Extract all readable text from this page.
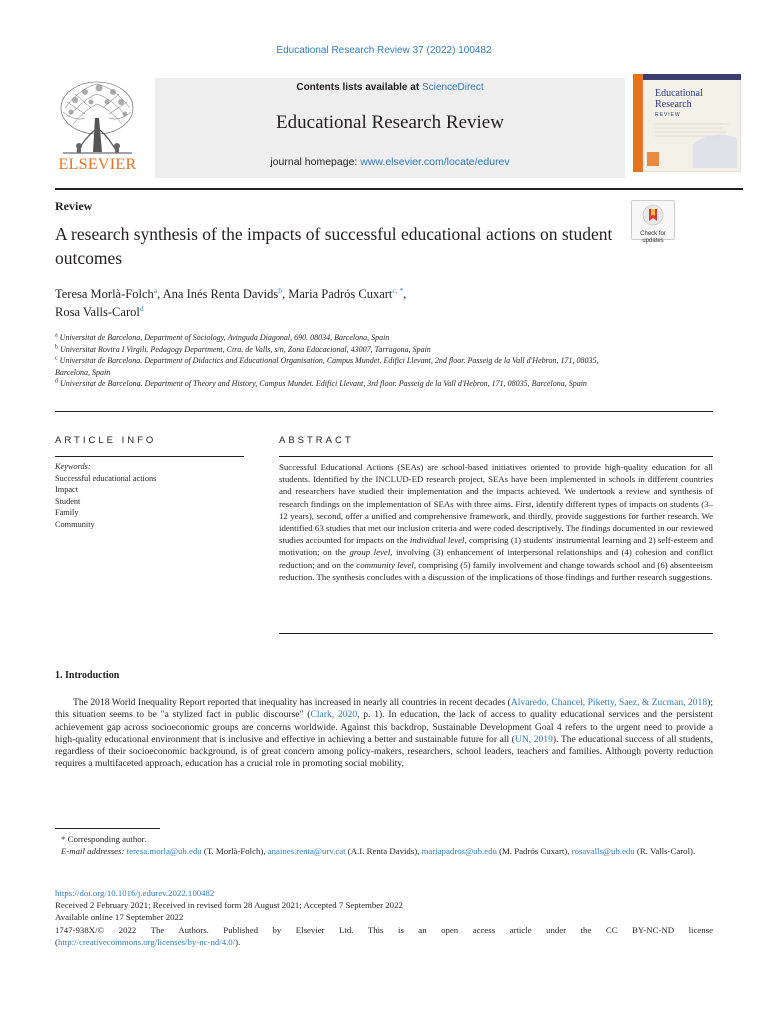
Educational Research Review 37 (2022) 100482
ELSEVIER
Contents lists available at ScienceDirect
Educational Research Review
journal homepage: www.elsevier.com/locate/edurev
Educational
Research
REVIEW
Review
A research synthesis of the impacts of successful educational actions on student outcomes
Check for
updates
Teresa Morlà-Folch$^a$, Ana Inés Renta Davids$^b$, Maria Padrós Cuxart$^{c, *}$,
Rosa Valls-Carol$^d$
$^a$ Universitat de Barcelona, Department of Sociology, Avinguda Diagonal, 690. 08034, Barcelona, Spain
$^b$ Universitat Rovira I Virgili. Pedagogy Department, Ctra. de Valls, s/n, Zona Educacional, 43007, Tarragona, Spain
$^c$ Universitat de Barcelona. Department of Didactics and Educational Organisation, Campus Mundet. Edifici Llevant, 2nd floor. Passeig de la Vall d'Hebron, 171, 08035, Barcelona, Spain
$^d$ Universitat de Barcelona. Department of Theory and History, Campus Mundet. Edifici Llevant, 3rd floor. Passeig de la Vall d'Hebron, 171, 08035, Barcelona, Spain
ARTICLE INFO	ABSTRACT
Keywords:
Successful educational actions
Impact
Student
Family
Community
Successful Educational Actions (SEAs) are school-based initiatives oriented to provide high-quality education for all students. Identified by the INCLUD-ED research project, SEAs have been implemented in schools in different countries and researchers have studied their implementation and the impacts achieved. We undertook a review and synthesis of research findings on the implementation of SEAs with three aims. First, identify different types of impacts on students (3–12 years), second, offer a unified and comprehensive framework, and thirdly, provide suggestions for further research. We identified 63 studies that met our inclusion criteria and were coded descriptively. The findings documented in our reviewed studies accounted for impacts on the individual level, comprising (1) students' instrumental learning and 2) self-esteem and motivation; on the group level, involving (3) enhancement of interpersonal relationships and (4) cohesion and conflict reduction; and on the community level, comprising (5) family involvement and change towards school and (6) absenteeism reduction. The synthesis concludes with a discussion of the implications of those findings and further research suggestions.
1. Introduction
The 2018 World Inequality Report reported that inequality has increased in nearly all countries in recent decades (Alvaredo, Chancel, Piketty, Saez, & Zucman, 2018); this situation seems to be "a stylized fact in public discourse" (Clark, 2020, p. 1). In education, the lack of access to quality educational services and the persistent achievement gap across socioeconomic groups are concerns worldwide. Against this backdrop, Sustainable Development Goal 4 refers to the urgent need to provide a high-quality educational environment that is inclusive and effective in achieving a better and sustainable future for all (UN, 2019). The educational success of all students, regardless of their socioeconomic background, is of great concern among policy-makers, researchers, school leaders, teachers and families. Although poverty reduction requires a multifaceted approach, education has a crucial role in promoting social mobility,
* Corresponding author.
E-mail addresses: teresa.morla@ub.edu (T. Morlà-Folch), anaines.renta@urv.cat (A.I. Renta Davids), mariapadros@ub.edu (M. Padrós Cuxart), rosavalls@ub.edu (R. Valls-Carol).
https://doi.org/10.1016/j.edurev.2022.100482
Received 2 February 2021; Received in revised form 28 August 2021; Accepted 7 September 2022
Available online 17 September 2022
1747-938X/© 2022 The Authors. Published by Elsevier Ltd. This is an open access article under the CC BY-NC-ND license
(http://creativecommons.org/licenses/by-nc-nd/4.0/).
